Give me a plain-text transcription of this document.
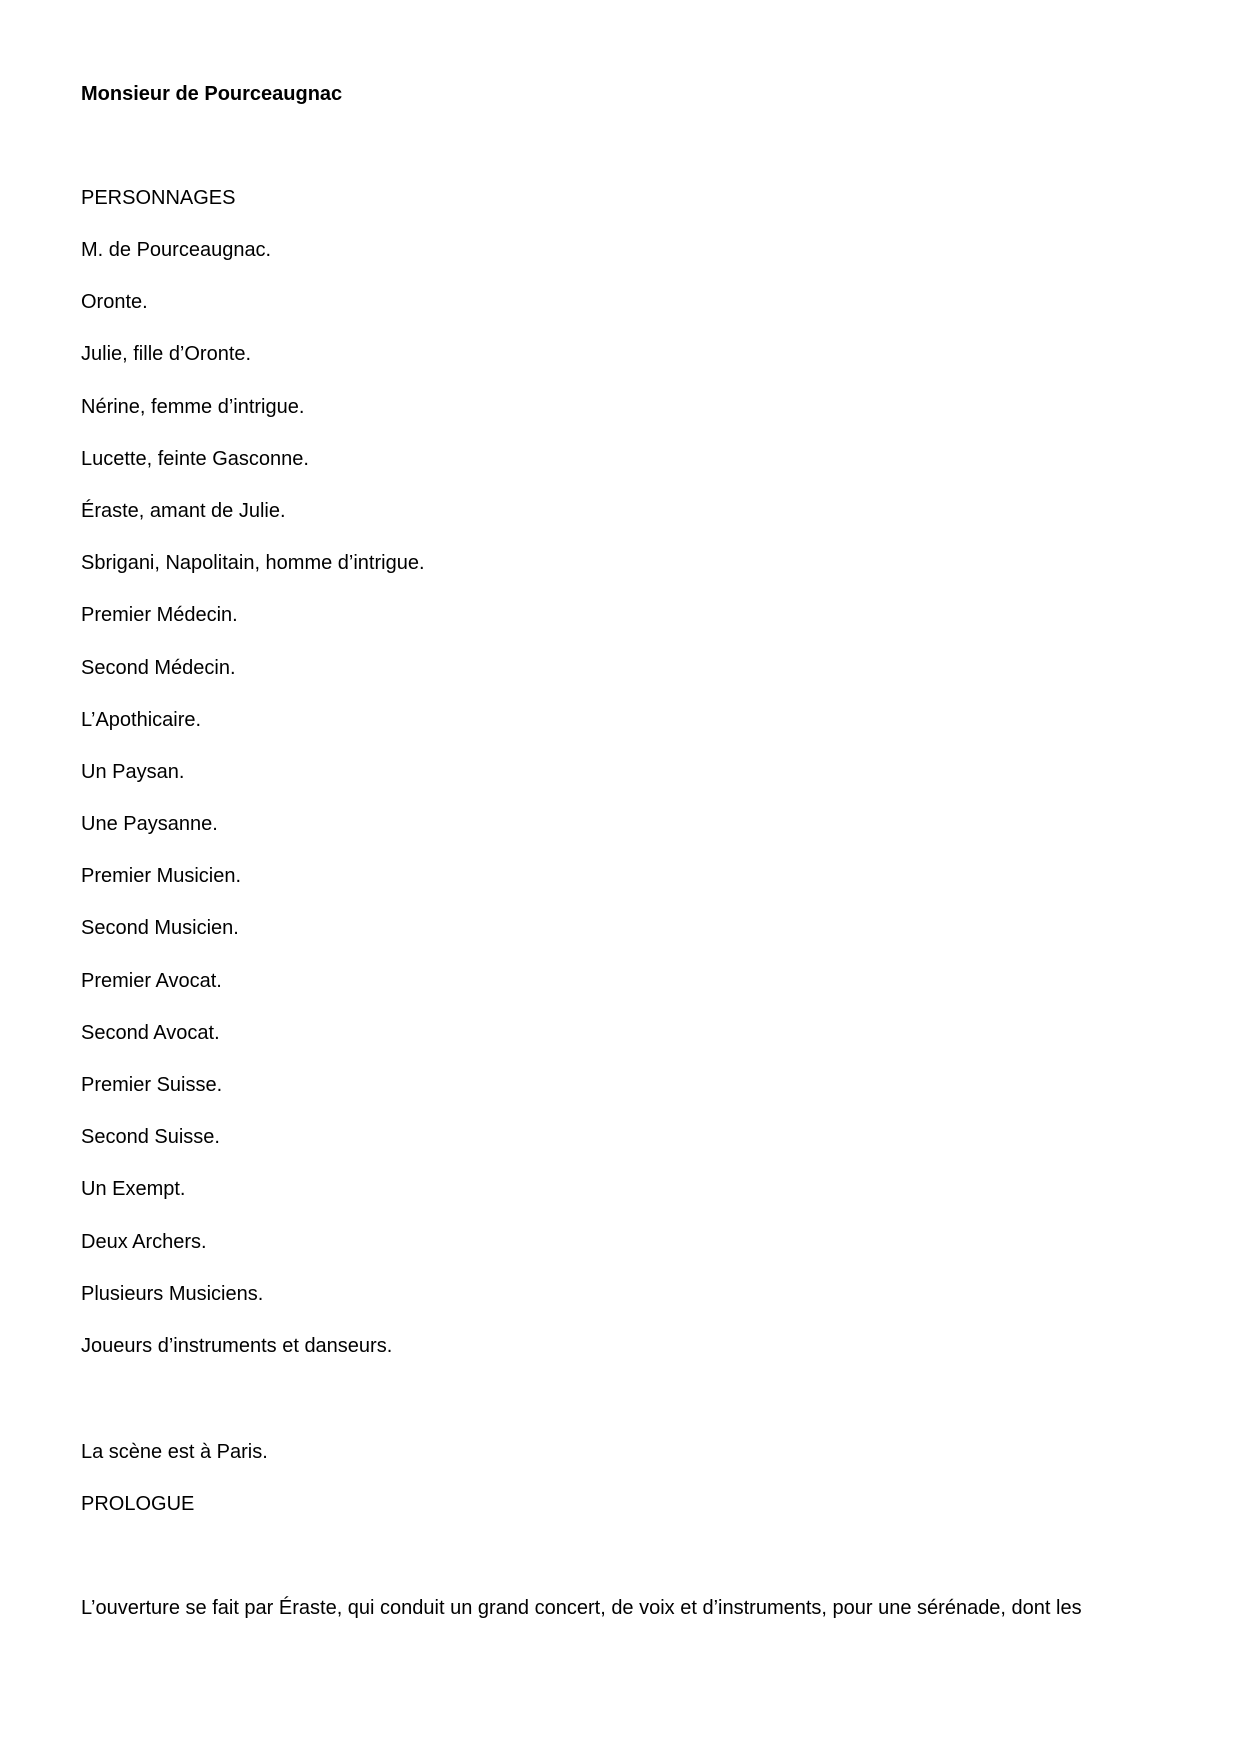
Monsieur de Pourceaugnac

PERSONNAGES

M. de Pourceaugnac.
Oronte.
Julie, fille d’Oronte.
Nérine, femme d’intrigue.
Lucette, feinte Gasconne.
Éraste, amant de Julie.
Sbrigani, Napolitain, homme d’intrigue.
Premier Médecin.
Second Médecin.
L’Apothicaire.
Un Paysan.
Une Paysanne.
Premier Musicien.
Second Musicien.
Premier Avocat.
Second Avocat.
Premier Suisse.
Second Suisse.
Un Exempt.
Deux Archers.
Plusieurs Musiciens.
Joueurs d’instruments et danseurs.

La scène est à Paris.

PROLOGUE

L’ouverture se fait par Éraste, qui conduit un grand concert, de voix et d’instruments, pour une sérénade, dont les
